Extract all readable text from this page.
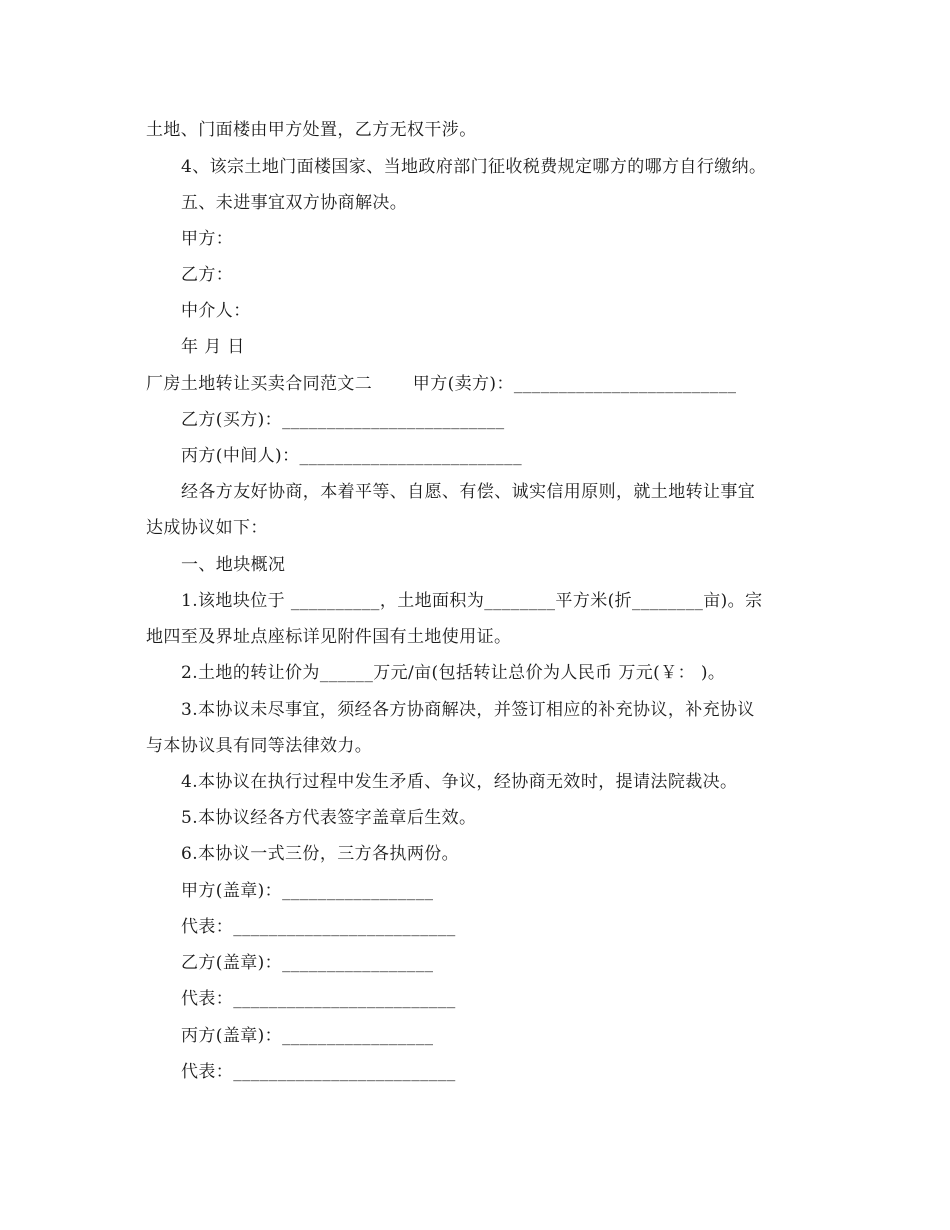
土地、门面楼由甲方处置，乙方无权干涉。
4、该宗土地门面楼国家、当地政府部门征收税费规定哪方的哪方自行缴纳。
五、未进事宜双方协商解决。
甲方：
乙方：
中介人：
年 月 日
厂房土地转让买卖合同范文二　　 甲方(卖方)：_________________________
乙方(买方)：_________________________
丙方(中间人)：_________________________
经各方友好协商，本着平等、自愿、有偿、诚实信用原则，就土地转让事宜
达成协议如下：
一、地块概况
1.该地块位于 __________，土地面积为________平方米(折________亩)。宗
地四至及界址点座标详见附件国有土地使用证。
2.土地的转让价为______万元/亩(包括转让总价为人民币 万元(￥： )。
3.本协议未尽事宜，须经各方协商解决，并签订相应的补充协议，补充协议
与本协议具有同等法律效力。
4.本协议在执行过程中发生矛盾、争议，经协商无效时，提请法院裁决。
5.本协议经各方代表签字盖章后生效。
6.本协议一式三份，三方各执两份。
甲方(盖章)：_________________
代表：_________________________
乙方(盖章)：_________________
代表：_________________________
丙方(盖章)：_________________
代表：_________________________
